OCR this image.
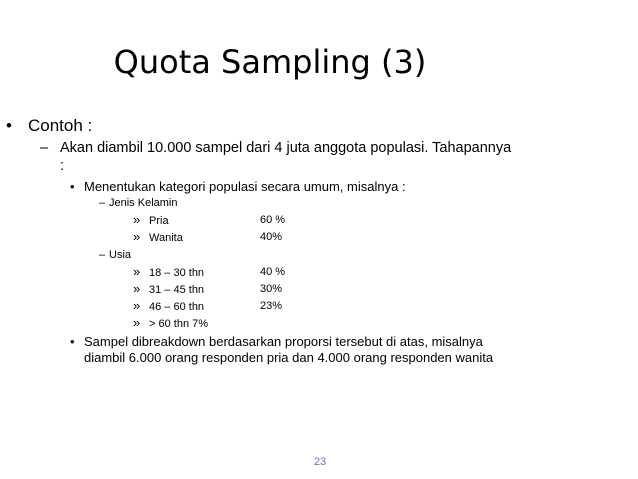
Quota Sampling (3)
• Contoh :
– Akan diambil 10.000 sampel dari 4 juta anggota populasi. Tahapannya
:
• Menentukan kategori populasi secara umum, misalnya :
– Jenis Kelamin
» Pria	60 %
» Wanita	40%
– Usia
» 18 – 30 thn	40 %
» 31 – 45 thn	30%
» 46 – 60 thn	23%
» > 60 thn 7%
• Sampel dibreakdown berdasarkan proporsi tersebut di atas, misalnya
diambil 6.000 orang responden pria dan 4.000 orang responden wanita
23
